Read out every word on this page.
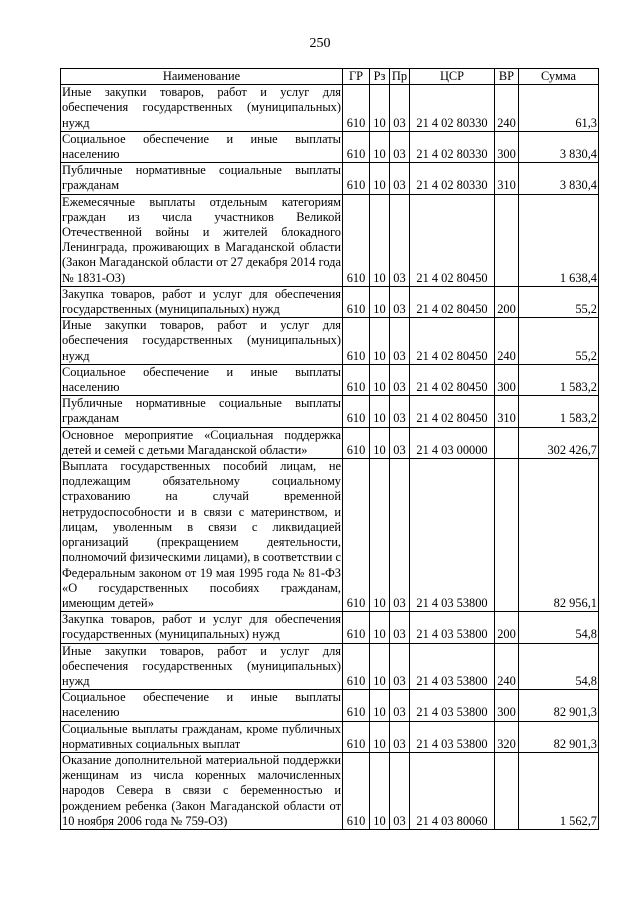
250
Наименование	ГР	Рз	Пр	ЦСР	ВР	Сумма

Иные закупки товаров, работ и услуг для обеспечения государственных (муниципальных) нужд	610	10	03	21 4 02 80330	240	61,3

Социальное обеспечение и иные выплаты населению	610	10	03	21 4 02 80330	300	3 830,4

Публичные нормативные социальные выплаты гражданам	610	10	03	21 4 02 80330	310	3 830,4

Ежемесячные выплаты отдельным категориям граждан из числа участников Великой Отечественной войны и жителей блокадного Ленинграда, проживающих в Магаданской области (Закон Магаданской области от 27 декабря 2014 года № 1831-ОЗ)	610	10	03	21 4 02 80450		1 638,4

Закупка товаров, работ и услуг для обеспечения государственных (муниципальных) нужд	610	10	03	21 4 02 80450	200	55,2

Иные закупки товаров, работ и услуг для обеспечения государственных (муниципальных) нужд	610	10	03	21 4 02 80450	240	55,2

Социальное обеспечение и иные выплаты населению	610	10	03	21 4 02 80450	300	1 583,2

Публичные нормативные социальные выплаты гражданам	610	10	03	21 4 02 80450	310	1 583,2

Основное мероприятие «Социальная поддержка детей и семей с детьми Магаданской области»	610	10	03	21 4 03 00000		302 426,7

Выплата государственных пособий лицам, не подлежащим обязательному социальному страхованию на случай временной нетрудоспособности и в связи с материнством, и лицам, уволенным в связи с ликвидацией организаций (прекращением деятельности, полномочий физическими лицами), в соответствии с Федеральным законом от 19 мая 1995 года № 81-ФЗ «О государственных пособиях гражданам, имеющим детей»	610	10	03	21 4 03 53800		82 956,1

Закупка товаров, работ и услуг для обеспечения государственных (муниципальных) нужд	610	10	03	21 4 03 53800	200	54,8

Иные закупки товаров, работ и услуг для обеспечения государственных (муниципальных) нужд	610	10	03	21 4 03 53800	240	54,8

Социальное обеспечение и иные выплаты населению	610	10	03	21 4 03 53800	300	82 901,3

Социальные выплаты гражданам, кроме публичных нормативных социальных выплат	610	10	03	21 4 03 53800	320	82 901,3

Оказание дополнительной материальной поддержки женщинам из числа коренных малочисленных народов Севера в связи с беременностью и рождением ребенка (Закон Магаданской области от 10 ноября 2006 года № 759-ОЗ)	610	10	03	21 4 03 80060		1 562,7
